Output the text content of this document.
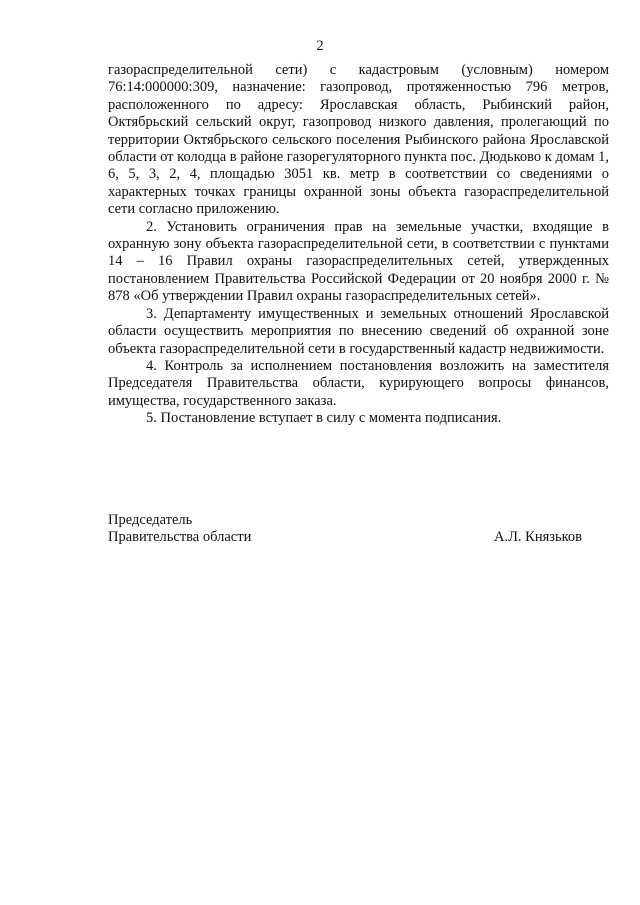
2

газораспределительной сети) с кадастровым (условным) номером 76:14:000000:309, назначение: газопровод, протяженностью 796 метров, расположенного по адресу: Ярославская область, Рыбинский район, Октябрьский сельский округ, газопровод низкого давления, пролегающий по территории Октябрьского сельского поселения Рыбинского района Ярославской области от колодца в районе газорегуляторного пункта пос. Дюдьково к домам 1, 6, 5, 3, 2, 4, площадью 3051 кв. метр в соответствии со сведениями о характерных точках границы охранной зоны объекта газораспределительной сети согласно приложению.

2. Установить ограничения прав на земельные участки, входящие в охранную зону объекта газораспределительной сети, в соответствии с пунктами 14 – 16 Правил охраны газораспределительных сетей, утвержденных постановлением Правительства Российской Федерации от 20 ноября 2000 г. № 878 «Об утверждении Правил охраны газораспределительных сетей».

3. Департаменту имущественных и земельных отношений Ярославской области осуществить мероприятия по внесению сведений об охранной зоне объекта газораспределительной сети в государственный кадастр недвижимости.

4. Контроль за исполнением постановления возложить на заместителя Председателя Правительства области, курирующего вопросы финансов, имущества, государственного заказа.

5. Постановление вступает в силу с момента подписания.

Председатель
Правительства области	А.Л. Князьков
